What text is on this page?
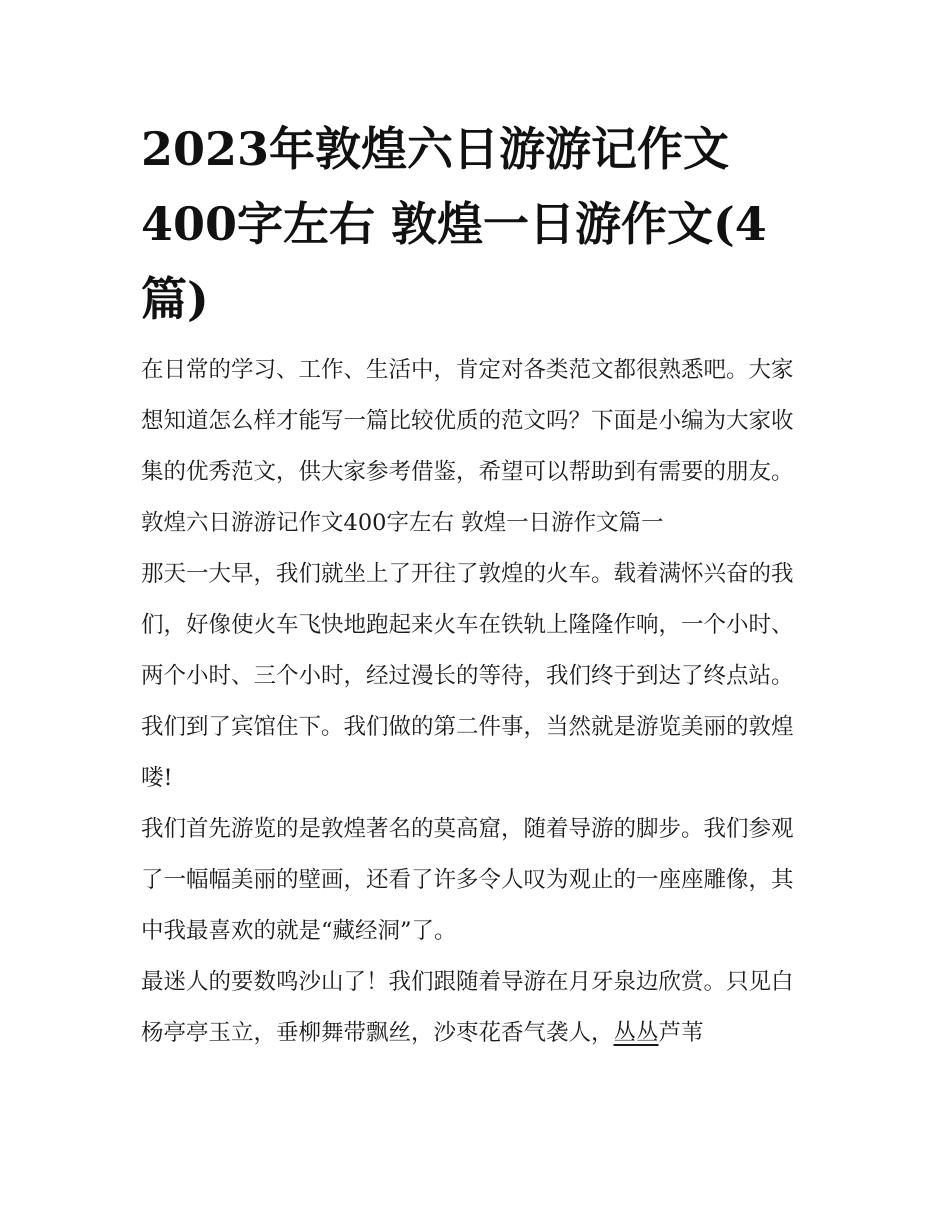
2023年敦煌六日游游记作文400字左右 敦煌一日游作文(4篇)

在日常的学习、工作、生活中，肯定对各类范文都很熟悉吧。大家想知道怎么样才能写一篇比较优质的范文吗？下面是小编为大家收集的优秀范文，供大家参考借鉴，希望可以帮助到有需要的朋友。

敦煌六日游游记作文400字左右 敦煌一日游作文篇一

那天一大早，我们就坐上了开往了敦煌的火车。载着满怀兴奋的我们，好像使火车飞快地跑起来火车在铁轨上隆隆作响，一个小时、两个小时、三个小时，经过漫长的等待，我们终于到达了终点站。我们到了宾馆住下。我们做的第二件事，当然就是游览美丽的敦煌喽!

我们首先游览的是敦煌著名的莫高窟，随着导游的脚步。我们参观了一幅幅美丽的壁画，还看了许多令人叹为观止的一座座雕像，其中我最喜欢的就是“藏经洞”了。

最迷人的要数鸣沙山了！我们跟随着导游在月牙泉边欣赏。只见白杨亭亭玉立，垂柳舞带飘丝，沙枣花香气袭人，丛丛芦苇
